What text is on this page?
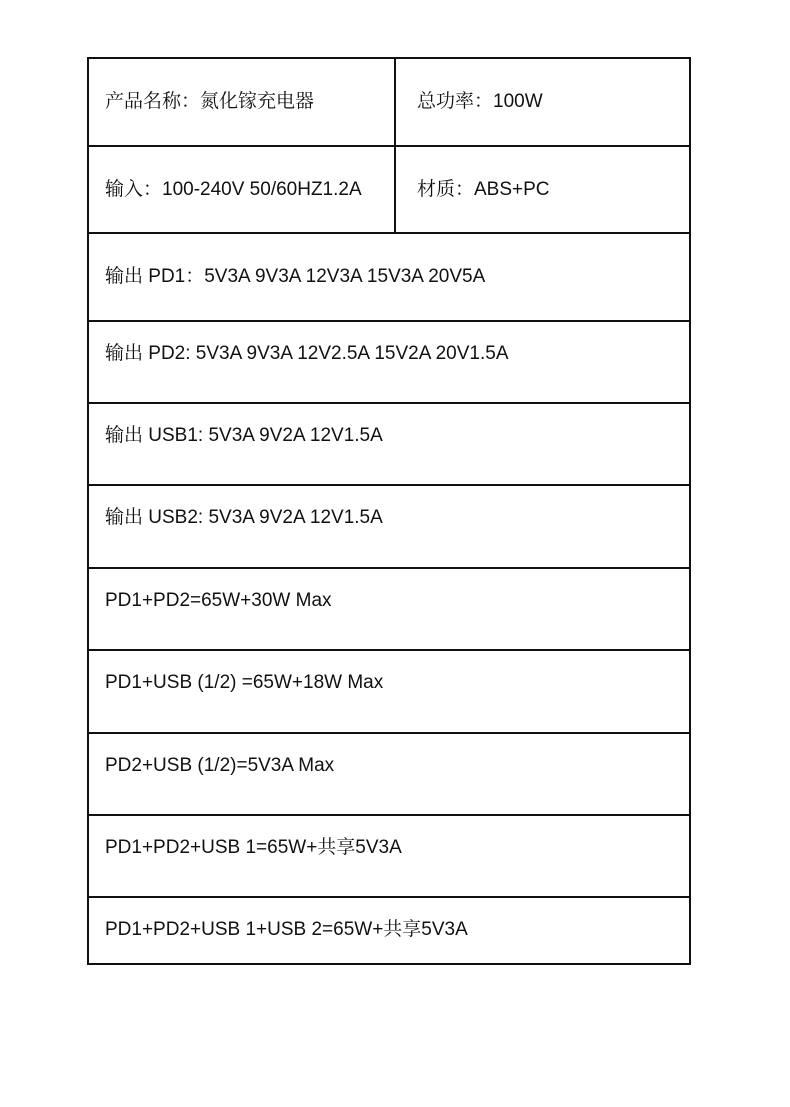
产品名称：氮化镓充电器	总功率：100W
输入：100-240V 50/60HZ1.2A	材质：ABS+PC
输出 PD1：5V3A 9V3A 12V3A 15V3A 20V5A
输出 PD2: 5V3A 9V3A 12V2.5A 15V2A 20V1.5A
输出 USB1: 5V3A 9V2A 12V1.5A
输出 USB2: 5V3A 9V2A 12V1.5A
PD1+PD2=65W+30W Max
PD1+USB (1/2) =65W+18W Max
PD2+USB (1/2)=5V3A Max
PD1+PD2+USB 1=65W+共享5V3A
PD1+PD2+USB 1+USB 2=65W+共享5V3A
